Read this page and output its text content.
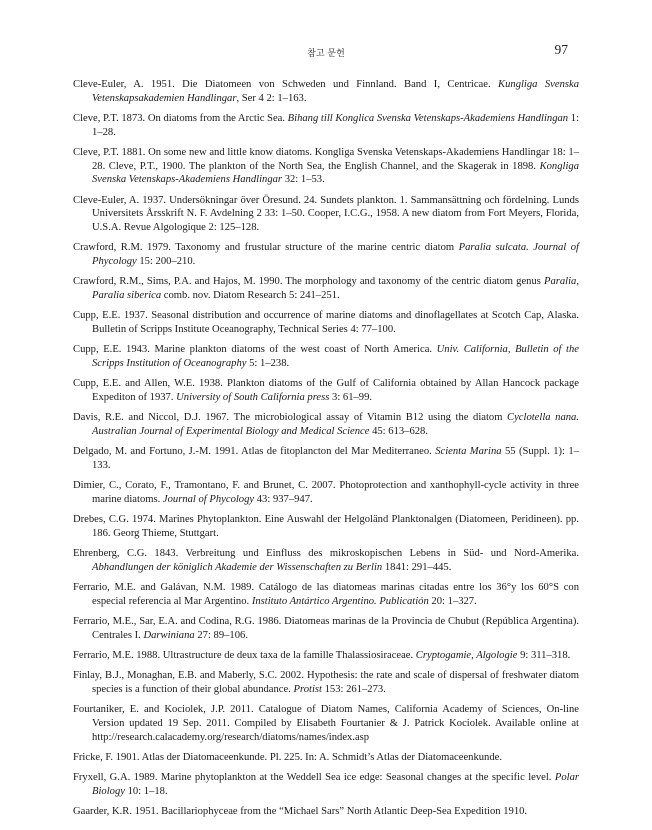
참고 문헌	97

Cleve-Euler, A. 1951. Die Diatomeen von Schweden und Finnland. Band I, Centricae. Kungliga Svenska Vetenskapsakademien Handlingar, Ser 4 2: 1–163.

Cleve, P.T. 1873. On diatoms from the Arctic Sea. Bihang till Konglica Svenska Vetenskaps-Akademiens Handlingan 1: 1–28.

Cleve, P.T. 1881. On some new and little know diatoms. Kongliga Svenska Vetenskaps-Akademiens Handlingar 18: 1–28. Cleve, P.T., 1900. The plankton of the North Sea, the English Channel, and the Skagerak in 1898. Kongliga Svenska Vetenskaps-Akademiens Handlingar 32: 1–53.

Cleve-Euler, A. 1937. Undersökningar över Öresund. 24. Sundets plankton. 1. Sammansättning och fördelning. Lunds Universitets Årsskrift N. F. Avdelning 2 33: 1–50. Cooper, I.C.G., 1958. A new diatom from Fort Meyers, Florida, U.S.A. Revue Algologique 2: 125–128.

Crawford, R.M. 1979. Taxonomy and frustular structure of the marine centric diatom Paralia sulcata. Journal of Phycology 15: 200–210.

Crawford, R.M., Sims, P.A. and Hajos, M. 1990. The morphology and taxonomy of the centric diatom genus Paralia, Paralia siberica comb. nov. Diatom Research 5: 241–251.

Cupp, E.E. 1937. Seasonal distribution and occurrence of marine diatoms and dinoflagellates at Scotch Cap, Alaska. Bulletin of Scripps Institute Oceanography, Technical Series 4: 77–100.

Cupp, E.E. 1943. Marine plankton diatoms of the west coast of North America. Univ. California, Bulletin of the Scripps Institution of Oceanography 5: 1–238.

Cupp, E.E. and Allen, W.E. 1938. Plankton diatoms of the Gulf of California obtained by Allan Hancock package Expediton of 1937. University of South California press 3: 61–99.

Davis, R.E. and Niccol, D.J. 1967. The microbiological assay of Vitamin B12 using the diatom Cyclotella nana. Australian Journal of Experimental Biology and Medical Science 45: 613–628.

Delgado, M. and Fortuno, J.-M. 1991. Atlas de fitoplancton del Mar Mediterraneo. Scienta Marina 55 (Suppl. 1): 1–133.

Dimier, C., Corato, F., Tramontano, F. and Brunet, C. 2007. Photoprotection and xanthophyll-cycle activity in three marine diatoms. Journal of Phycology 43: 937–947.

Drebes, C.G. 1974. Marines Phytoplankton. Eine Auswahl der Helgoländ Planktonalgen (Diatomeen, Peridineen). pp. 186. Georg Thieme, Stuttgart.

Ehrenberg, C.G. 1843. Verbreitung und Einfluss des mikroskopischen Lebens in Süd- und Nord-Amerika. Abhandlungen der königlich Akademie der Wissenschaften zu Berlin 1841: 291–445.

Ferrario, M.E. and Galávan, N.M. 1989. Catálogo de las diatomeas marinas citadas entre los 36°y los 60°S con especial referencia al Mar Argentino. Instituto Antártico Argentino. Publicatión 20: 1–327.

Ferrario, M.E., Sar, E.A. and Codina, R.G. 1986. Diatomeas marinas de la Provincia de Chubut (República Argentina). Centrales I. Darwiniana 27: 89–106.

Ferrario, M.E. 1988. Ultrastructure de deux taxa de la famille Thalassiosiraceae. Cryptogamie, Algologie 9: 311–318.

Finlay, B.J., Monaghan, E.B. and Maberly, S.C. 2002. Hypothesis: the rate and scale of dispersal of freshwater diatom species is a function of their global abundance. Protist 153: 261–273.

Fourtaniker, E. and Kociolek, J.P. 2011. Catalogue of Diatom Names, California Academy of Sciences, On-line Version updated 19 Sep. 2011. Compiled by Elisabeth Fourtanier & J. Patrick Kociolek. Available online at http://research.calacademy.org/research/diatoms/names/index.asp

Fricke, F. 1901. Atlas der Diatomaceenkunde. Pl. 225. In: A. Schmidt’s Atlas der Diatomaceenkunde.

Fryxell, G.A. 1989. Marine phytoplankton at the Weddell Sea ice edge: Seasonal changes at the specific level. Polar Biology 10: 1–18.

Gaarder, K.R. 1951. Bacillariophyceae from the “Michael Sars” North Atlantic Deep-Sea Expedition 1910.
